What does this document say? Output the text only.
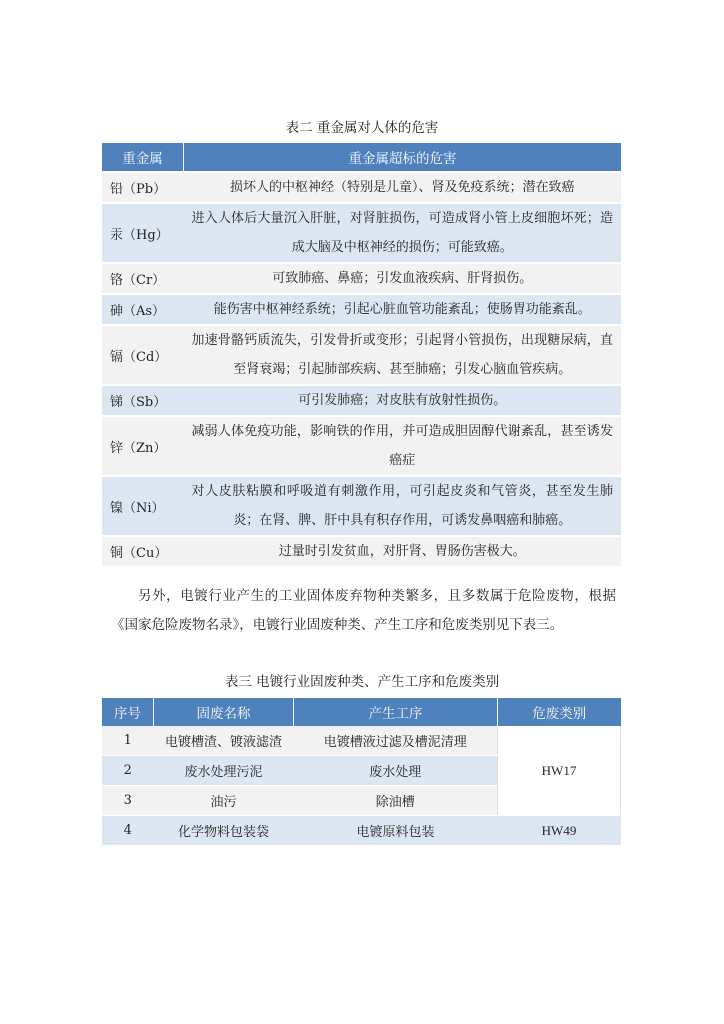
表二 重金属对人体的危害
重金属	重金属超标的危害
铅（Pb）	损坏人的中枢神经（特别是儿童）、肾及免疫系统；潜在致癌
汞（Hg）	进入人体后大量沉入肝脏，对肾脏损伤，可造成肾小管上皮细胞坏死；造成大脑及中枢神经的损伤；可能致癌。
铬（Cr）	可致肺癌、鼻癌；引发血液疾病、肝肾损伤。
砷（As）	能伤害中枢神经系统；引起心脏血管功能紊乱；使肠胃功能紊乱。
镉（Cd）	加速骨骼钙质流失，引发骨折或变形；引起肾小管损伤，出现糖尿病，直至肾衰竭；引起肺部疾病、甚至肺癌；引发心脑血管疾病。
锑（Sb）	可引发肺癌；对皮肤有放射性损伤。
锌（Zn）	减弱人体免疫功能，影响铁的作用，并可造成胆固醇代谢紊乱，甚至诱发癌症
镍（Ni）	对人皮肤粘膜和呼吸道有刺激作用，可引起皮炎和气管炎，甚至发生肺炎；在肾、脾、肝中具有积存作用，可诱发鼻咽癌和肺癌。
铜（Cu）	过量时引发贫血，对肝肾、胃肠伤害极大。
另外，电镀行业产生的工业固体废弃物种类繁多，且多数属于危险废物，根据《国家危险废物名录》，电镀行业固废种类、产生工序和危废类别见下表三。
表三 电镀行业固废种类、产生工序和危废类别
序号	固废名称	产生工序	危废类别
1	电镀槽渣、镀液滤渣	电镀槽液过滤及槽泥清理	HW17
2	废水处理污泥	废水处理	
3	油污	除油槽	
4	化学物料包装袋	电镀原料包装	HW49
